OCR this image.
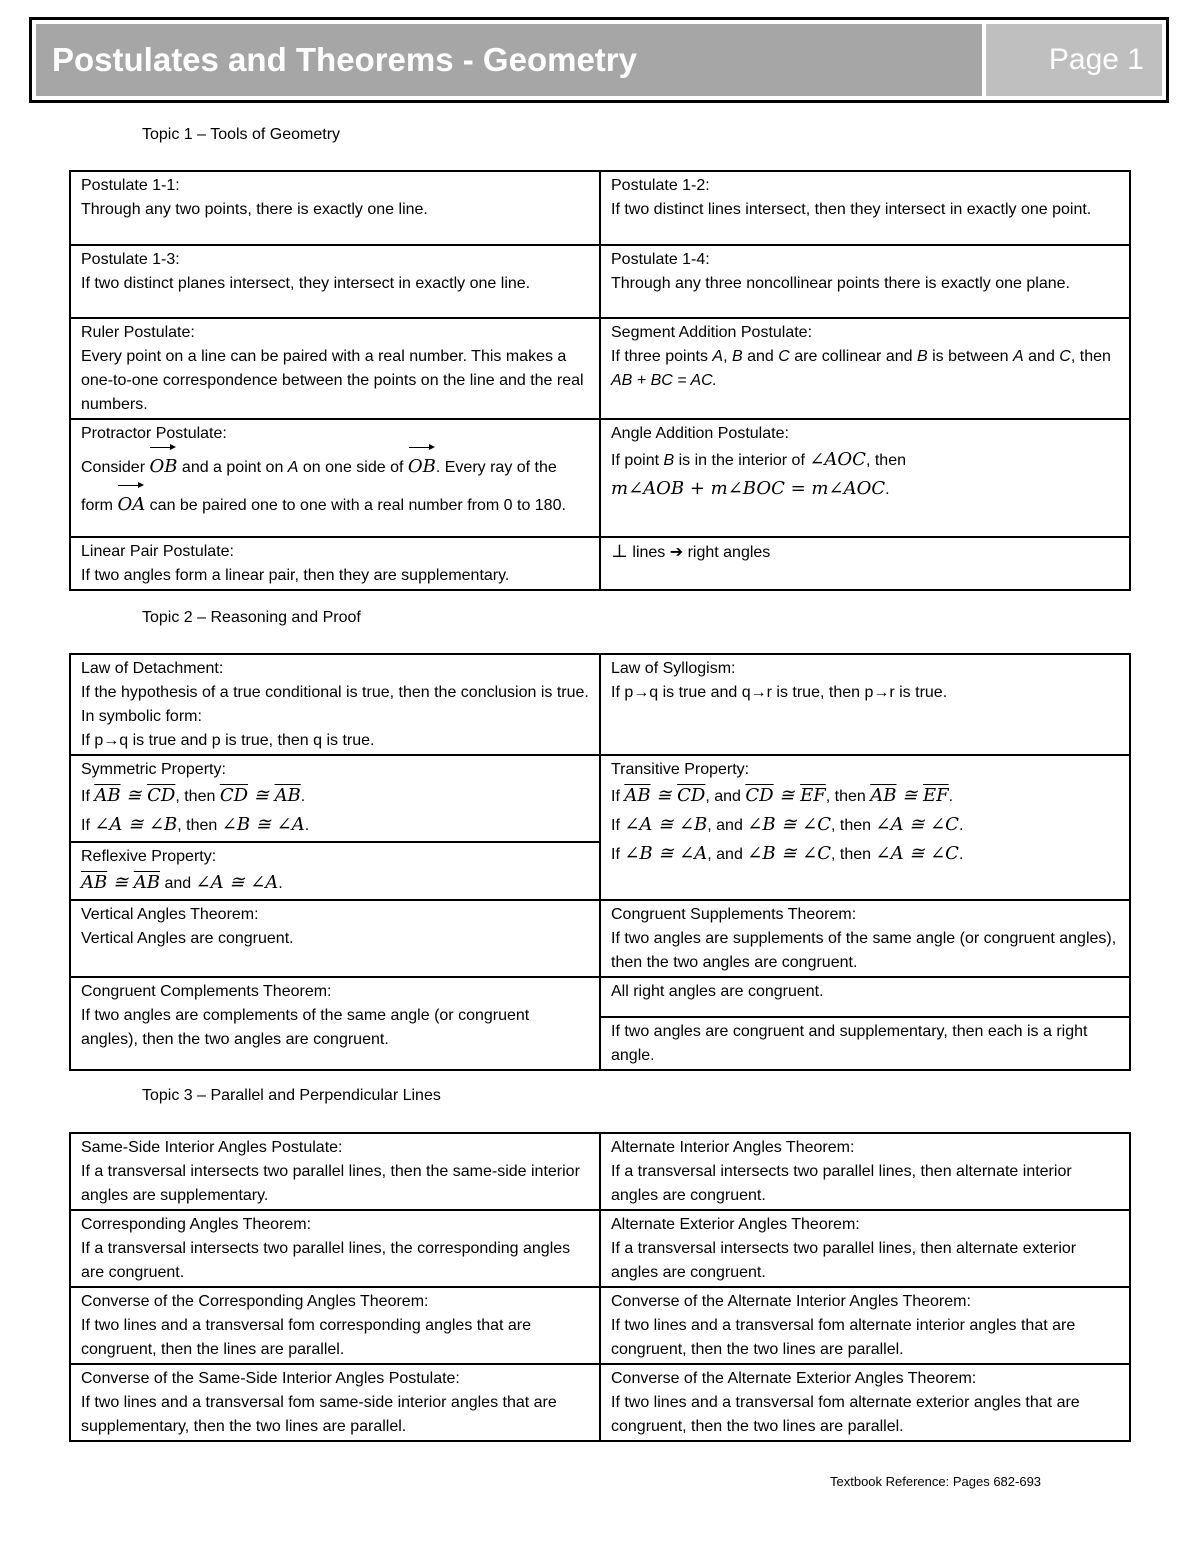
Postulates and Theorems - Geometry	Page 1
Topic 1 – Tools of Geometry
Postulate 1-1:
Through any two points, there is exactly one line.	Postulate 1-2:
If two distinct lines intersect, then they intersect in exactly one point.

Postulate 1-3:
If two distinct planes intersect, they intersect in exactly one line.	Postulate 1-4:
Through any three noncollinear points there is exactly one plane.

Ruler Postulate:
Every point on a line can be paired with a real number. This makes a one-to-one correspondence between the points on the line and the real numbers.	Segment Addition Postulate:
If three points A, B and C are collinear and B is between A and C, then AB + BC = AC.

Protractor Postulate:
Consider OB and a point on A on one side of OB. Every ray of the form OA can be paired one to one with a real number from 0 to 180.	Angle Addition Postulate:
If point B is in the interior of ∠AOC, then
m∠AOB + m∠BOC = m∠AOC.

Linear Pair Postulate:
If two angles form a linear pair, then they are supplementary.	⊥ lines ➔ right angles
Topic 2 – Reasoning and Proof
Law of Detachment:
If the hypothesis of a true conditional is true, then the conclusion is true. In symbolic form:
If p→q is true and p is true, then q is true.	Law of Syllogism:
If p→q is true and q→r is true, then p→r is true.

Symmetric Property:
If $\overline{AB}$ ≅ $\overline{CD}$, then $\overline{CD}$ ≅ $\overline{AB}$.
If ∠A ≅ ∠B, then ∠B ≅ ∠A.	Transitive Property:
If $\overline{AB}$ ≅ $\overline{CD}$, and $\overline{CD}$ ≅ $\overline{EF}$, then $\overline{AB}$ ≅ $\overline{EF}$.
If ∠A ≅ ∠B, and ∠B ≅ ∠C, then ∠A ≅ ∠C.
If ∠B ≅ ∠A, and ∠B ≅ ∠C, then ∠A ≅ ∠C.

Reflexive Property:
$\overline{AB}$ ≅ $\overline{AB}$ and ∠A ≅ ∠A.	

Vertical Angles Theorem:
Vertical Angles are congruent.	Congruent Supplements Theorem:
If two angles are supplements of the same angle (or congruent angles), then the two angles are congruent.

Congruent Complements Theorem:
If two angles are complements of the same angle (or congruent angles), then the two angles are congruent.	All right angles are congruent.

	If two angles are congruent and supplementary, then each is a right angle.
Topic 3 – Parallel and Perpendicular Lines
Same-Side Interior Angles Postulate:
If a transversal intersects two parallel lines, then the same-side interior angles are supplementary.	Alternate Interior Angles Theorem:
If a transversal intersects two parallel lines, then alternate interior angles are congruent.

Corresponding Angles Theorem:
If a transversal intersects two parallel lines, the corresponding angles are congruent.	Alternate Exterior Angles Theorem:
If a transversal intersects two parallel lines, then alternate exterior angles are congruent.

Converse of the Corresponding Angles Theorem:
If two lines and a transversal fom corresponding angles that are congruent, then the lines are parallel.	Converse of the Alternate Interior Angles Theorem:
If two lines and a transversal fom alternate interior angles that are congruent, then the two lines are parallel.

Converse of the Same-Side Interior Angles Postulate:
If two lines and a transversal fom same-side interior angles that are supplementary, then the two lines are parallel.	Converse of the Alternate Exterior Angles Theorem:
If two lines and a transversal fom alternate exterior angles that are congruent, then the two lines are parallel.
Textbook Reference: Pages 682-693
